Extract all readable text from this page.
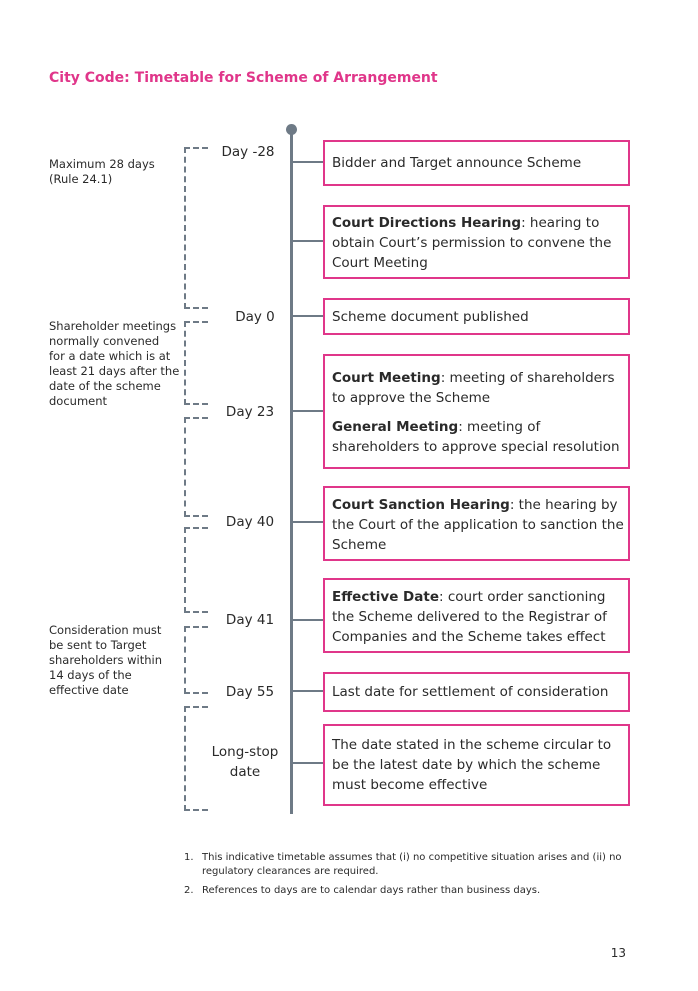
City Code: Timetable for Scheme of Arrangement
Maximum 28 days
(Rule 24.1)
Shareholder meetings
normally convened
for a date which is at
least 21 days after the
date of the scheme
document
Consideration must
be sent to Target
shareholders within
14 days of the
effective date
Day -28
Day 0
Day 23
Day 40
Day 41
Day 55
Long-stop
date
Bidder and Target announce Scheme
Court Directions Hearing: hearing to obtain Court’s permission to convene the Court Meeting
Scheme document published
Court Meeting: meeting of shareholders to approve the Scheme
General Meeting: meeting of shareholders to approve special resolution
Court Sanction Hearing: the hearing by the Court of the application to sanction the Scheme
Effective Date: court order sanctioning the Scheme delivered to the Registrar of Companies and the Scheme takes effect
Last date for settlement of consideration
The date stated in the scheme circular to be the latest date by which the scheme must become effective
1. This indicative timetable assumes that (i) no competitive situation arises and (ii) no regulatory clearances are required.
2. References to days are to calendar days rather than business days.
13
